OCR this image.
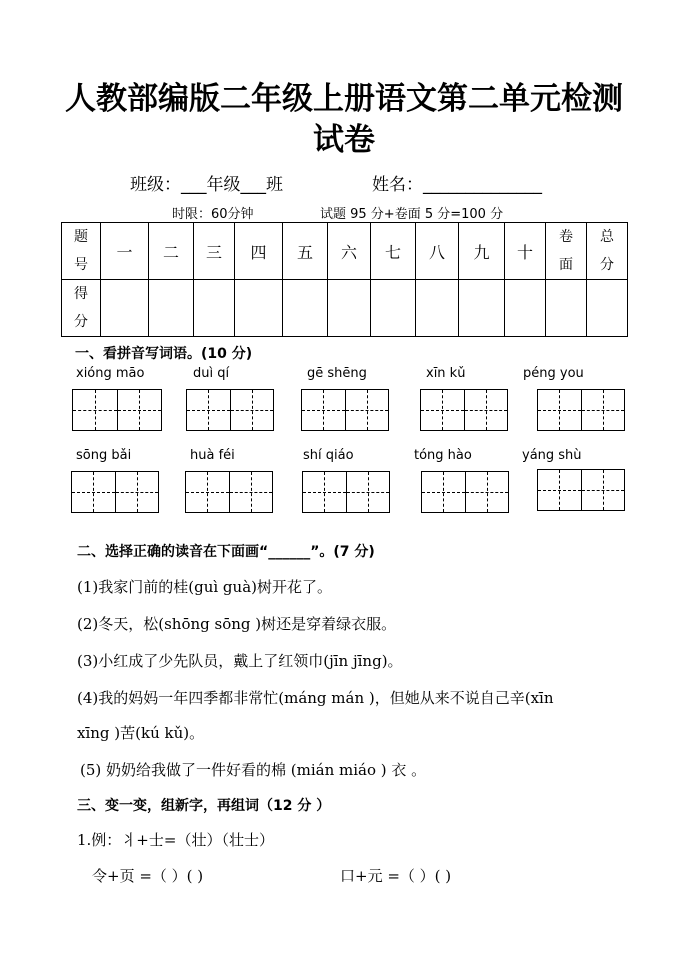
人教部编版二年级上册语文第二单元检测
试卷
班级：___年级___班	姓名：______________
时限：60分钟	试题 95 分+卷面 5 分=100 分
题号	一	二	三	四	五	六	七	八	九	十	卷面	总分
得分												
一、看拼音写词语。(10 分)
xióng māo	duì qí	gē shēng	xīn kǔ	péng you
sōng bǎi	huà féi	shí qiáo	tóng hào	yáng shù
二、选择正确的读音在下面画“______”。(7 分)
(1)我家门前的桂(guì guà)树开花了。
(2)冬天，松(shōng sōng )树还是穿着绿衣服。
(3)小红成了少先队员，戴上了红领巾(jīn jīng)。
(4)我的妈妈一年四季都非常忙(máng mán )，但她从来不说自己辛(xīn
xīng )苦(kú kǔ)。
(5) 奶奶给我做了一件好看的棉 (mián miáo ) 衣 。
三、变一变，组新字，再组词（12 分 ）
1.例：丬+士=（壮）（壮士）
令+页 =（ ）( )	口+元 =（ ）( )
